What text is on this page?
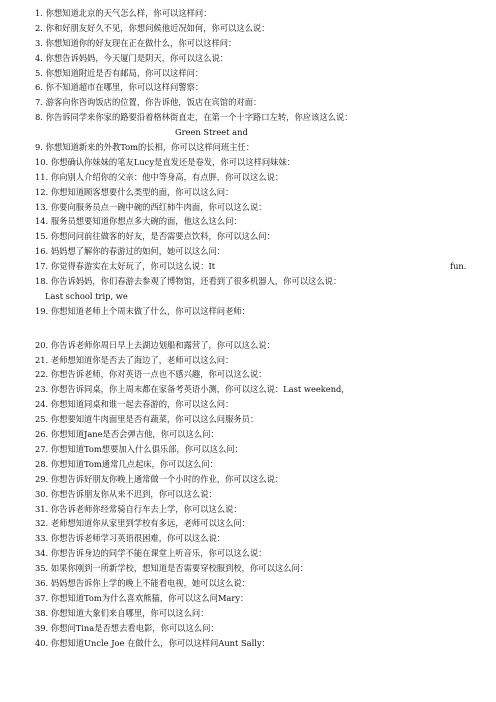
1. 你想知道北京的天气怎么样，你可以这样问：
2. 你和好朋友好久不见，你想问候他近况如何，你可以这么说：
3. 你想知道你的好友现在正在做什么，你可以这样问：
4. 你想告诉妈妈，今天厦门是阴天，你可以这么说：
5. 你想知道附近是否有邮局，你可以这样问：
6. 你不知道超市在哪里，你可以这样问警察：
7. 游客向你咨询饭店的位置，你告诉他，饭店在宾馆的对面：
8. 你告诉同学来你家的路要沿着格林街直走，在第一个十字路口左转，你应该这么说：
Green Street and
9. 你想知道新来的外教Tom的长相，你可以这样问班主任：
10. 你想确认你妹妹的笔友Lucy是直发还是卷发，你可以这样问妹妹：
11. 你向别人介绍你的父亲：他中等身高，有点胖，你可以这么说：
12. 你想知道顾客想要什么类型的面，你可以这么问：
13. 你要向服务员点一碗中碗的西红柿牛肉面，你可以这么说：
14. 服务员想要知道你想点多大碗的面，他这么这么问：
15. 你想问问前往做客的好友，是否需要点饮料，你可以这么问：
16. 妈妈想了解你的春游过的如何，她可以这么问：
17. 你觉得春游实在太好玩了，你可以这么说：It	fun.
18. 你告诉妈妈，你们春游去参观了博物馆，还看到了很多机器人，你可以这么说：
Last school trip, we
19. 你想知道老师上个周末做了什么，你可以这样问老师：
20. 你告诉老师你周日早上去湖边划船和露营了，你可以这么说：
21. 老师想知道你是否去了海边了，老师可以这么问：
22. 你想告诉老师，你对英语一点也不感兴趣，你可以这么说：
23. 你想告诉同桌，你上周末都在家备考英语小测，你可以这么说：Last weekend,
24. 你想知道同桌和谁一起去春游的，你可以这么问：
25. 你想要知道牛肉面里是否有蔬菜，你可以这么问服务员：
26. 你想知道Jane是否会弹吉他，你可以这么问：
27. 你想知道Tom想要加入什么俱乐部，你可以这么问：
28. 你想知道Tom通常几点起床，你可以这么问：
29. 你想告诉好朋友你晚上通常做一个小时的作业，你可以这么说：
30. 你想告诉朋友你从来不迟到，你可以这么说：
31. 你告诉老师你经常骑自行车去上学，你可以这么说：
32. 老师想知道你从家里到学校有多远，老师可以这么问：
33. 你想告诉老师学习英语很困难，你可以这么说：
34. 你想告诉身边的同学不能在课堂上听音乐，你可以这么说：
35. 如果你刚到一所新学校，想知道是否需要穿校服到校，你可以这么问：
36. 妈妈想告诉你上学的晚上不能看电视，她可以这么说：
37. 你想知道Tom为什么喜欢熊猫，你可以这么问Mary：
38. 你想知道大象们来自哪里，你可以这么问：
39. 你想问Tina是否想去看电影，你可以这么问：
40. 你想知道Uncle Joe 在做什么，你可以这样问Aunt Sally：
